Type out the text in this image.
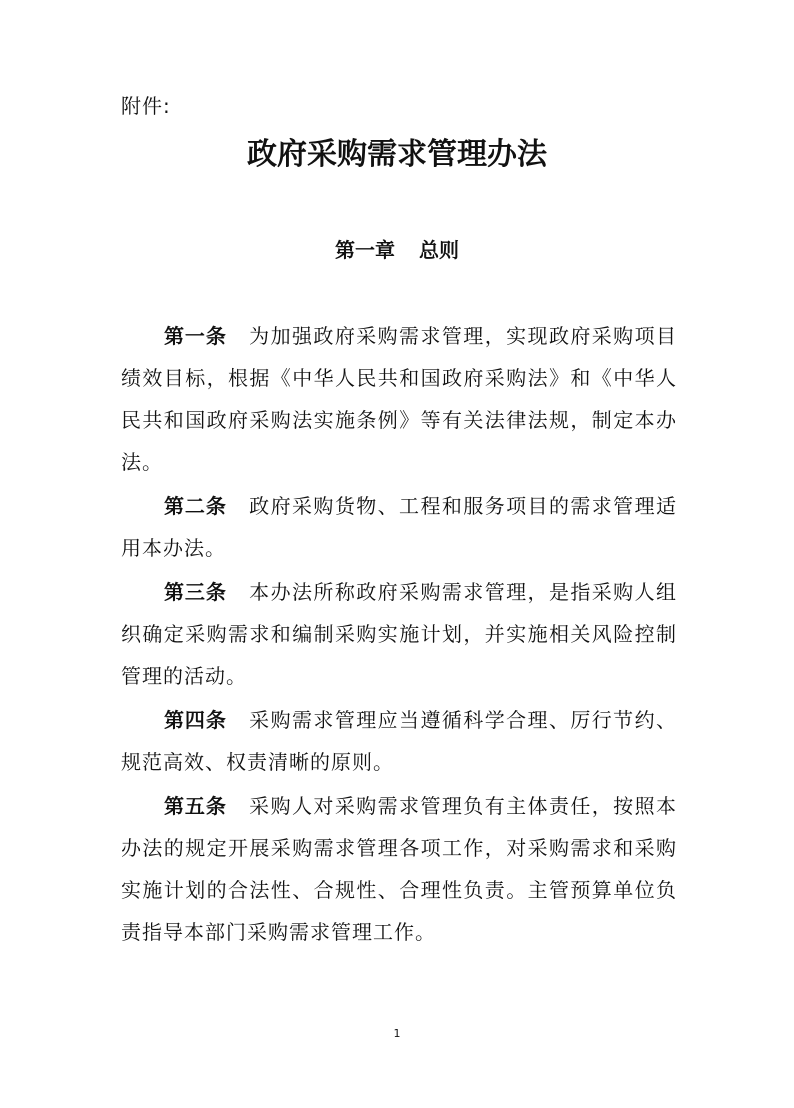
附件:
政府采购需求管理办法
第一章 总则

第一条 为加强政府采购需求管理，实现政府采购项目绩效目标，根据《中华人民共和国政府采购法》和《中华人民共和国政府采购法实施条例》等有关法律法规，制定本办法。

第二条 政府采购货物、工程和服务项目的需求管理适用本办法。

第三条 本办法所称政府采购需求管理，是指采购人组织确定采购需求和编制采购实施计划，并实施相关风险控制管理的活动。

第四条 采购需求管理应当遵循科学合理、厉行节约、规范高效、权责清晰的原则。

第五条 采购人对采购需求管理负有主体责任，按照本办法的规定开展采购需求管理各项工作，对采购需求和采购实施计划的合法性、合规性、合理性负责。主管预算单位负责指导本部门采购需求管理工作。

1
